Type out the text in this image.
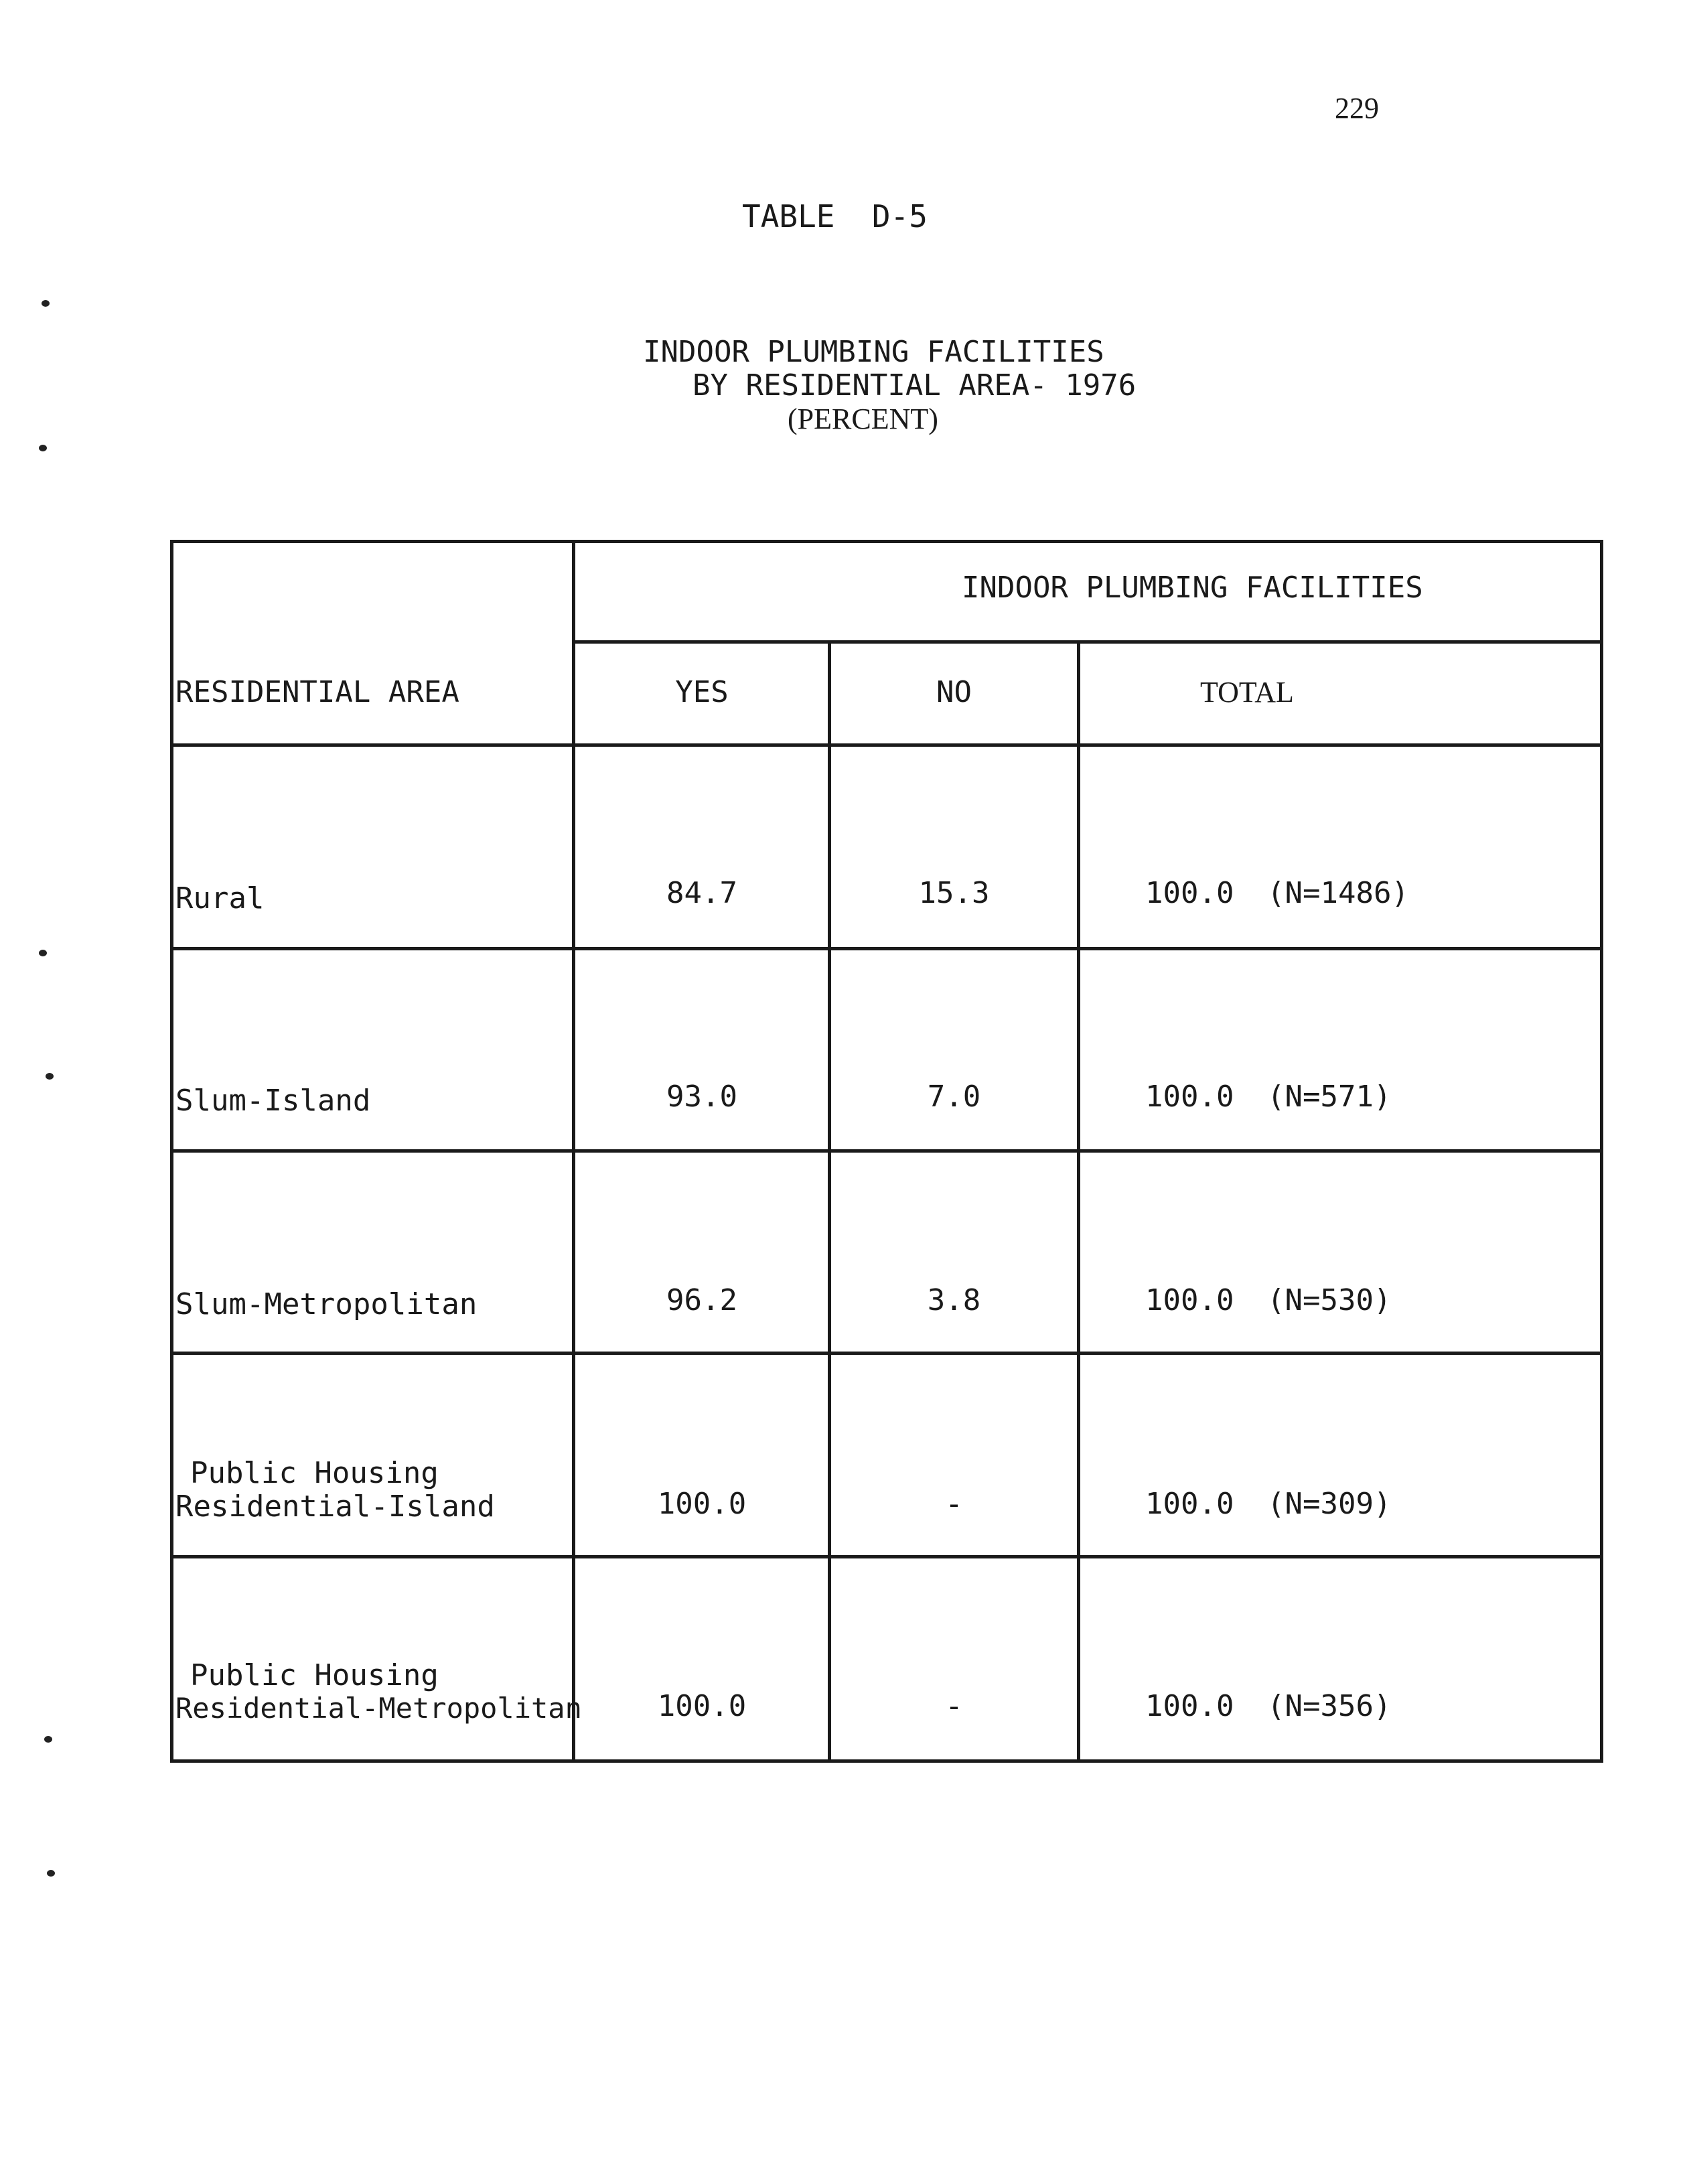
229
TABLE  D-5
INDOOR PLUMBING FACILITIES
BY RESIDENTIAL AREA- 1976
(PERCENT)
INDOOR PLUMBING FACILITIES
RESIDENTIAL AREA	YES	NO	TOTAL
Rural	84.7	15.3	100.0 (N=1486)
Slum-Island	93.0	7.0	100.0 (N=571)
Slum-Metropolitan	96.2	3.8	100.0 (N=530)
Public Housing
Residential-Island	100.0	-	100.0 (N=309)
Public Housing
Residential-Metropolitan	100.0	-	100.0 (N=356)
